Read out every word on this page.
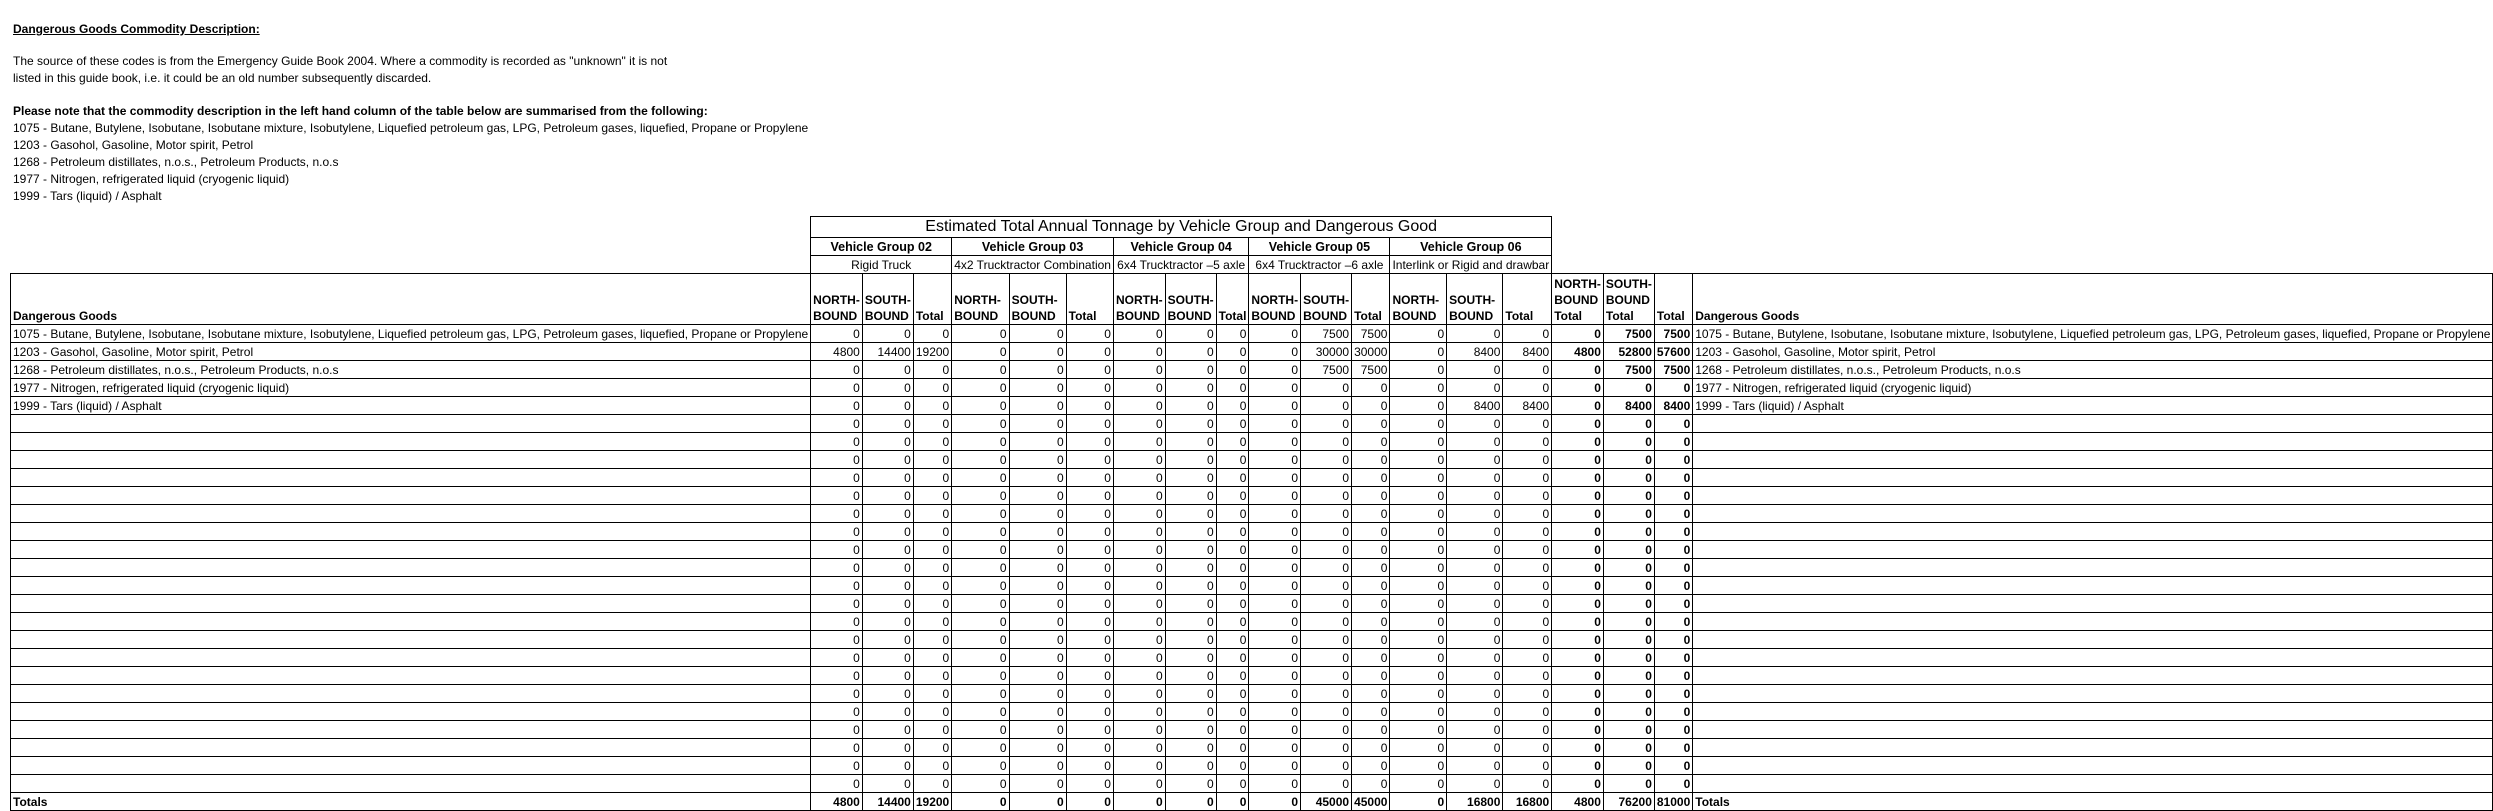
Dangerous Goods Commodity Description:
The source of these codes is from the Emergency Guide Book 2004. Where a commodity is recorded as "unknown" it is not
listed in this guide book, i.e. it could be an old number subsequently discarded.
Please note that the commodity description in the left hand column of the table below are summarised from the following:
1075 - Butane, Butylene, Isobutane, Isobutane mixture, Isobutylene, Liquefied petroleum gas, LPG, Petroleum gases, liquefied, Propane or Propylene
1203 - Gasohol, Gasoline, Motor spirit, Petrol
1268 - Petroleum distillates, n.o.s., Petroleum Products, n.o.s
1977 - Nitrogen, refrigerated liquid (cryogenic liquid)
1999 - Tars (liquid) / Asphalt
	Estimated Total Annual Tonnage by Vehicle Group and Dangerous Good																		
	Vehicle Group 02			Vehicle Group 03			Vehicle Group 04			Vehicle Group 05			Vehicle Group 06						
	Rigid Truck			4x2 Trucktractor Combination			6x4 Trucktractor –5 axle			6x4 Trucktractor –6 axle			Interlink or Rigid and drawbar						
Dangerous Goods	NORTH-BOUND	SOUTH-BOUND	Total	NORTH-BOUND	SOUTH-BOUND	Total	NORTH-BOUND	SOUTH-BOUND	Total	NORTH-BOUND	SOUTH-BOUND	Total	NORTH-BOUND	SOUTH-BOUND	Total	NORTH-BOUND Total	SOUTH-BOUND Total	Total	Dangerous Goods
1075 - Butane, Butylene, Isobutane, Isobutane mixture, Isobutylene, Liquefied petroleum gas, LPG, Petroleum gases, liquefied, Propane or Propylene	0	0	0	0	0	0	0	0	0	0	7500	7500	0	0	0	0	7500	7500	1075 - Butane, Butylene, Isobutane, Isobutane mixture, Isobutylene, Liquefied petroleum gas, LPG, Petroleum gases, liquefied, Propane or Propylene
1203 - Gasohol, Gasoline, Motor spirit, Petrol	4800	14400	19200	0	0	0	0	0	0	0	30000	30000	0	8400	8400	4800	52800	57600	1203 - Gasohol, Gasoline, Motor spirit, Petrol
1268 - Petroleum distillates, n.o.s., Petroleum Products, n.o.s	0	0	0	0	0	0	0	0	0	0	7500	7500	0	0	0	0	7500	7500	1268 - Petroleum distillates, n.o.s., Petroleum Products, n.o.s
1977 - Nitrogen, refrigerated liquid (cryogenic liquid)	0	0	0	0	0	0	0	0	0	0	0	0	0	0	0	0	0	0	1977 - Nitrogen, refrigerated liquid (cryogenic liquid)
1999 - Tars (liquid) / Asphalt	0	0	0	0	0	0	0	0	0	0	0	0	0	8400	8400	0	8400	8400	1999 - Tars (liquid) / Asphalt
	0	0	0	0	0	0	0	0	0	0	0	0	0	0	0	0	0	0	
	0	0	0	0	0	0	0	0	0	0	0	0	0	0	0	0	0	0	
	0	0	0	0	0	0	0	0	0	0	0	0	0	0	0	0	0	0	
	0	0	0	0	0	0	0	0	0	0	0	0	0	0	0	0	0	0	
	0	0	0	0	0	0	0	0	0	0	0	0	0	0	0	0	0	0	
	0	0	0	0	0	0	0	0	0	0	0	0	0	0	0	0	0	0	
	0	0	0	0	0	0	0	0	0	0	0	0	0	0	0	0	0	0	
	0	0	0	0	0	0	0	0	0	0	0	0	0	0	0	0	0	0	
	0	0	0	0	0	0	0	0	0	0	0	0	0	0	0	0	0	0	
	0	0	0	0	0	0	0	0	0	0	0	0	0	0	0	0	0	0	
	0	0	0	0	0	0	0	0	0	0	0	0	0	0	0	0	0	0	
	0	0	0	0	0	0	0	0	0	0	0	0	0	0	0	0	0	0	
	0	0	0	0	0	0	0	0	0	0	0	0	0	0	0	0	0	0	
	0	0	0	0	0	0	0	0	0	0	0	0	0	0	0	0	0	0	
	0	0	0	0	0	0	0	0	0	0	0	0	0	0	0	0	0	0	
	0	0	0	0	0	0	0	0	0	0	0	0	0	0	0	0	0	0	
	0	0	0	0	0	0	0	0	0	0	0	0	0	0	0	0	0	0	
	0	0	0	0	0	0	0	0	0	0	0	0	0	0	0	0	0	0	
	0	0	0	0	0	0	0	0	0	0	0	0	0	0	0	0	0	0	
	0	0	0	0	0	0	0	0	0	0	0	0	0	0	0	0	0	0	
	0	0	0	0	0	0	0	0	0	0	0	0	0	0	0	0	0	0	
Totals	4800	14400	19200	0	0	0	0	0	0	0	45000	45000	0	16800	16800	4800	76200	81000	Totals
